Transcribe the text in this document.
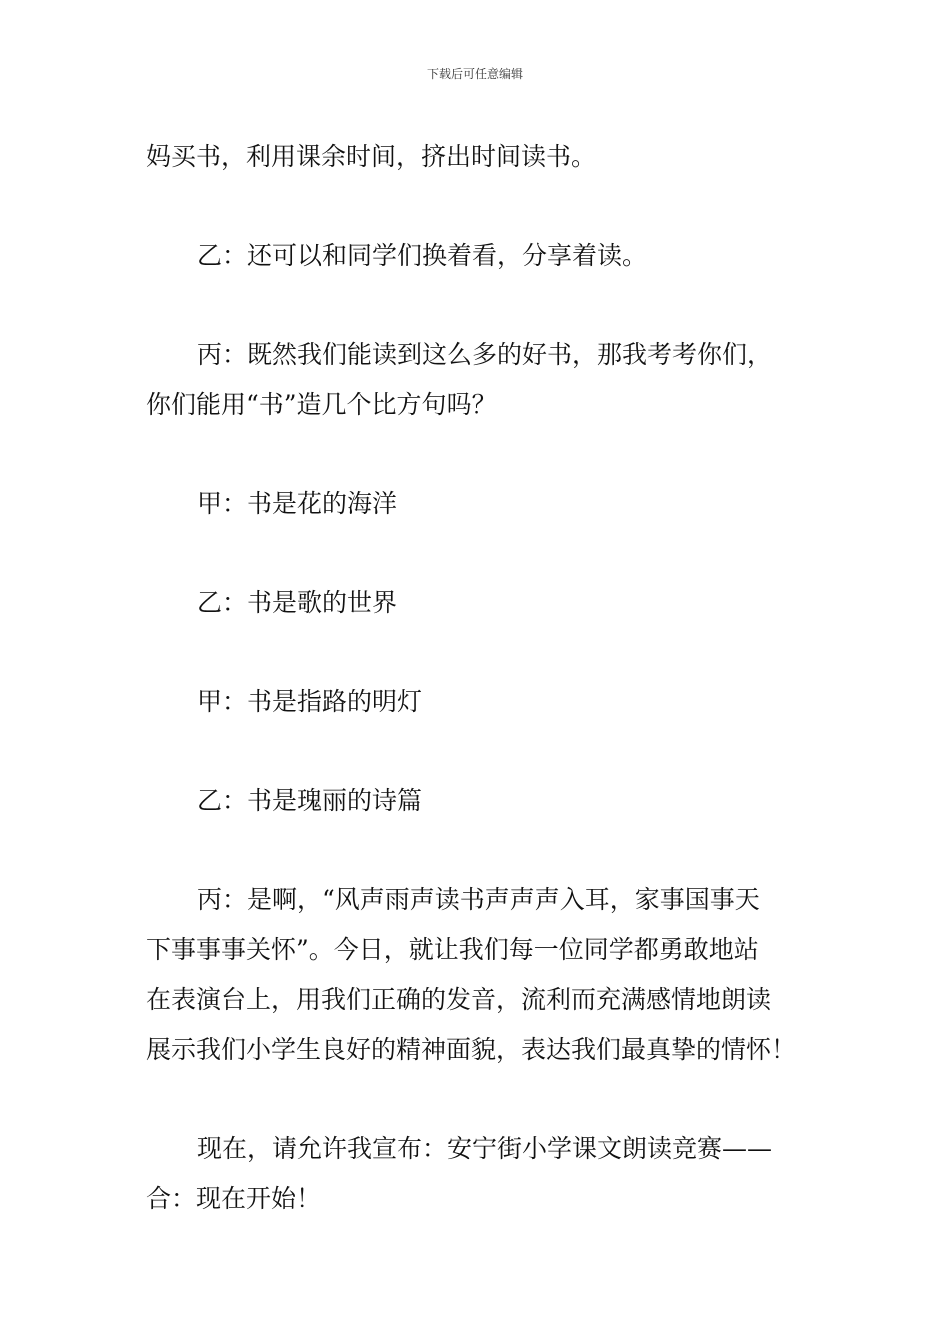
下载后可任意编辑

妈买书，利用课余时间，挤出时间读书。

乙：还可以和同学们换着看，分享着读。

丙：既然我们能读到这么多的好书，那我考考你们，
你们能用“书”造几个比方句吗？

甲：书是花的海洋

乙：书是歌的世界

甲：书是指路的明灯

乙：书是瑰丽的诗篇

丙：是啊，“风声雨声读书声声声入耳，家事国事天
下事事事关怀”。今日，就让我们每一位同学都勇敢地站
在表演台上，用我们正确的发音，流利而充满感情地朗读
展示我们小学生良好的精神面貌，表达我们最真挚的情怀！

现在，请允许我宣布：安宁街小学课文朗读竞赛——
合：现在开始！
